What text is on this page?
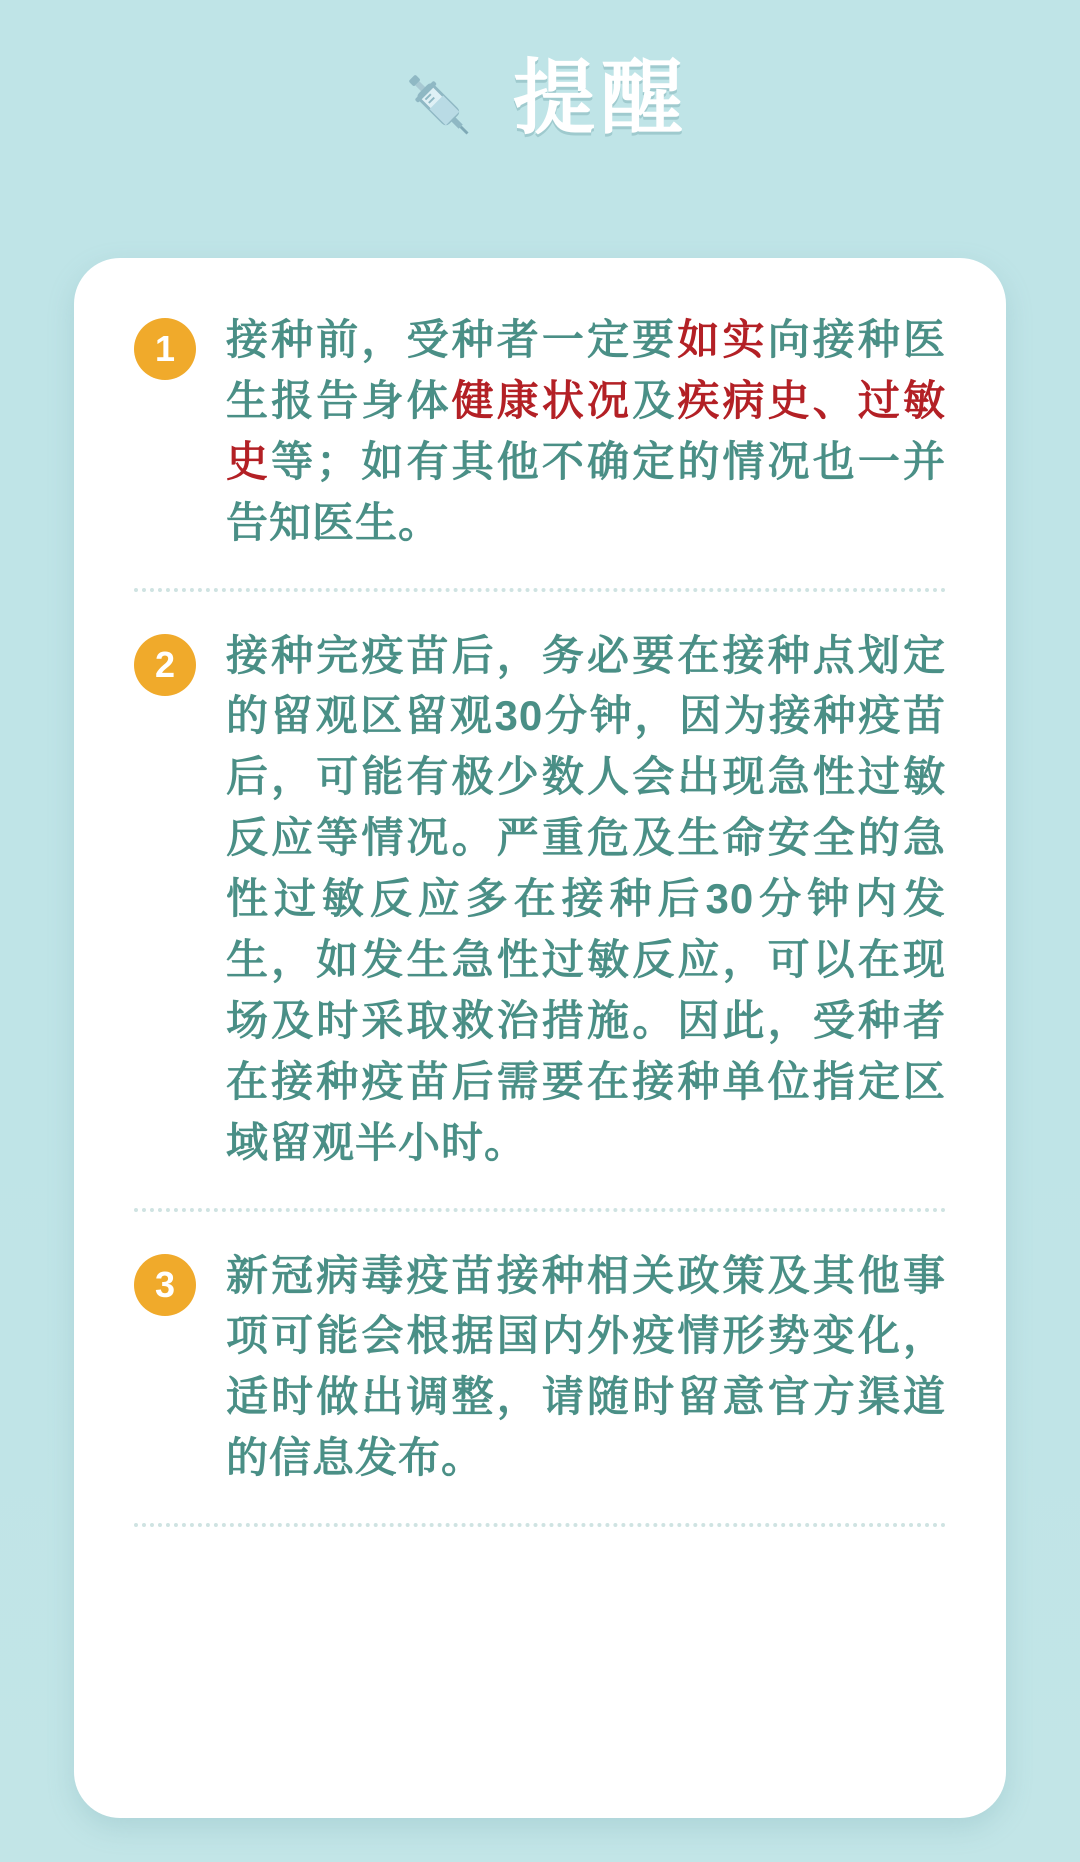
提醒
1	接种前，受种者一定要如实向接种医生报告身体健康状况及疾病史、过敏史等；如有其他不确定的情况也一并告知医生。
2	接种完疫苗后，务必要在接种点划定的留观区留观30分钟，因为接种疫苗后，可能有极少数人会出现急性过敏反应等情况。严重危及生命安全的急性过敏反应多在接种后30分钟内发生，如发生急性过敏反应，可以在现场及时采取救治措施。因此，受种者在接种疫苗后需要在接种单位指定区域留观半小时。
3	新冠病毒疫苗接种相关政策及其他事项可能会根据国内外疫情形势变化，适时做出调整，请随时留意官方渠道的信息发布。
